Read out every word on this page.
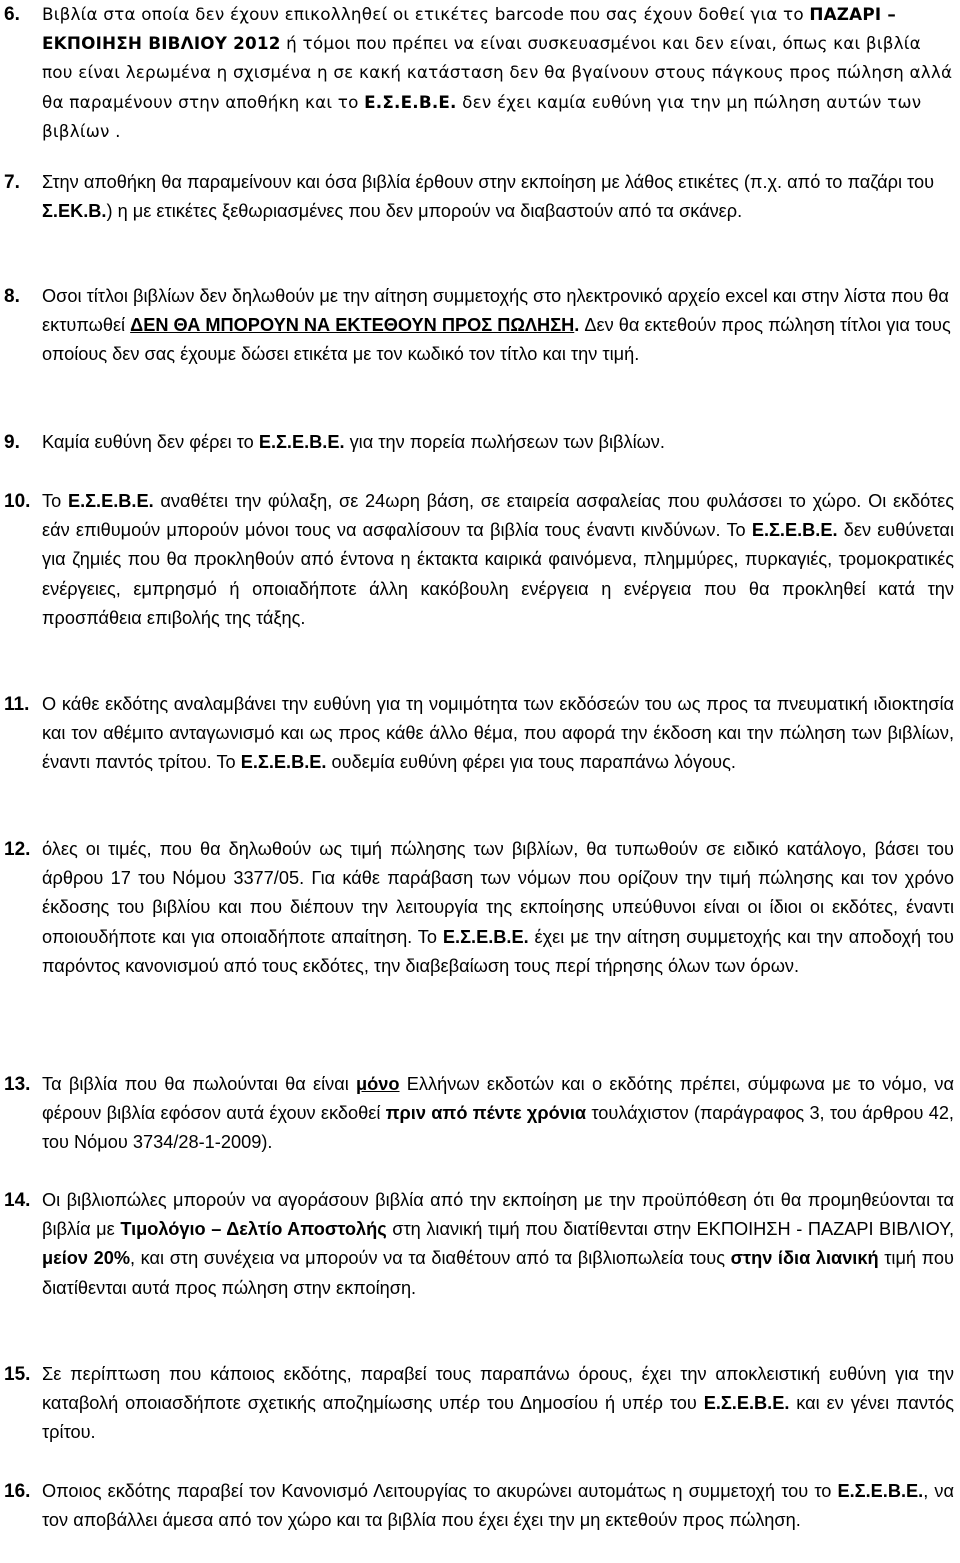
6. Βιβλία στα οποία δεν έχουν επικολληθεί οι ετικέτες barcode που σας έχουν δοθεί για το ΠΑΖΑΡΙ – ΕΚΠΟΙΗΣΗ ΒΙΒΛΙΟΥ 2012 ή τόμοι που πρέπει να είναι συσκευασμένοι και δεν είναι, όπως και βιβλία που είναι λερωμένα η σχισμένα η σε κακή κατάσταση δεν θα βγαίνουν στους πάγκους προς πώληση αλλά θα παραμένουν στην αποθήκη και το Ε.Σ.Ε.Β.Ε. δεν έχει καμία ευθύνη για την μη πώληση αυτών των βιβλίων .
7. Στην αποθήκη θα παραμείνουν και όσα βιβλία έρθουν στην εκποίηση με λάθος ετικέτες (π.χ. από το παζάρι του Σ.ΕΚ.Β.) η με ετικέτες ξεθωριασμένες που δεν μπορούν να διαβαστούν από τα σκάνερ.
8. Οσοι τίτλοι βιβλίων δεν δηλωθούν με την αίτηση συμμετοχής στο ηλεκτρονικό αρχείο excel και στην λίστα που θα εκτυπωθεί ΔΕΝ ΘΑ ΜΠΟΡΟΥΝ ΝΑ ΕΚΤΕΘΟΥΝ ΠΡΟΣ ΠΩΛΗΣΗ. Δεν θα εκτεθούν προς πώληση τίτλοι για τους οποίους δεν σας έχουμε δώσει ετικέτα με τον κωδικό τον τίτλο και την τιμή.
9. Καμία ευθύνη δεν φέρει το Ε.Σ.Ε.Β.Ε. για την πορεία πωλήσεων των βιβλίων.
10. Το Ε.Σ.Ε.Β.Ε. αναθέτει την φύλαξη, σε 24ωρη βάση, σε εταιρεία ασφαλείας που φυλάσσει το χώρο. Οι εκδότες εάν επιθυμούν μπορούν μόνοι τους να ασφαλίσουν τα βιβλία τους έναντι κινδύνων. Το Ε.Σ.Ε.Β.Ε. δεν ευθύνεται για ζημιές που θα προκληθούν από έντονα η έκτακτα καιρικά φαινόμενα, πλημμύρες, πυρκαγιές, τρομοκρατικές ενέργειες, εμπρησμό ή οποιαδήποτε άλλη κακόβουλη ενέργεια η ενέργεια που θα προκληθεί κατά την προσπάθεια επιβολής της τάξης.
11. Ο κάθε εκδότης αναλαμβάνει την ευθύνη για τη νομιμότητα των εκδόσεών του ως προς τα πνευματική ιδιοκτησία και τον αθέμιτο ανταγωνισμό και ως προς κάθε άλλο θέμα, που αφορά την έκδοση και την πώληση των βιβλίων, έναντι παντός τρίτου. Το Ε.Σ.Ε.Β.Ε. ουδεμία ευθύνη φέρει για τους παραπάνω λόγους.
12. όλες οι τιμές, που θα δηλωθούν ως τιμή πώλησης των βιβλίων, θα τυπωθούν σε ειδικό κατάλογο, βάσει του άρθρου 17 του Νόμου 3377/05. Για κάθε παράβαση των νόμων που ορίζουν την τιμή πώλησης και τον χρόνο έκδοσης του βιβλίου και που διέπουν την λειτουργία της εκποίησης υπεύθυνοι είναι οι ίδιοι οι εκδότες, έναντι οποιουδήποτε και για οποιαδήποτε απαίτηση. Το Ε.Σ.Ε.Β.Ε. έχει με την αίτηση συμμετοχής και την αποδοχή του παρόντος κανονισμού από τους εκδότες, την διαβεβαίωση τους περί τήρησης όλων των όρων.
13. Τα βιβλία που θα πωλούνται θα είναι μόνο Ελλήνων εκδοτών και ο εκδότης πρέπει, σύμφωνα με το νόμο, να φέρουν βιβλία εφόσον αυτά έχουν εκδοθεί πριν από πέντε χρόνια τουλάχιστον (παράγραφος 3, του άρθρου 42, του Νόμου 3734/28-1-2009).
14. Οι βιβλιοπώλες μπορούν να αγοράσουν βιβλία από την εκποίηση με την προϋπόθεση ότι θα προμηθεύονται τα βιβλία με Τιμολόγιο – Δελτίο Αποστολής στη λιανική τιμή που διατίθενται στην ΕΚΠΟΙΗΣΗ - ΠΑΖΑΡΙ ΒΙΒΛΙΟΥ, μείον 20%, και στη συνέχεια να μπορούν να τα διαθέτουν από τα βιβλιοπωλεία τους στην ίδια λιανική τιμή που διατίθενται αυτά προς πώληση στην εκποίηση.
15. Σε περίπτωση που κάποιος εκδότης, παραβεί τους παραπάνω όρους, έχει την αποκλειστική ευθύνη για την καταβολή οποιασδήποτε σχετικής αποζημίωσης υπέρ του Δημοσίου ή υπέρ του Ε.Σ.Ε.Β.Ε. και εν γένει παντός τρίτου.
16. Οποιος εκδότης παραβεί τον Κανονισμό Λειτουργίας το ακυρώνει αυτομάτως η συμμετοχή του το Ε.Σ.Ε.Β.Ε., να τον αποβάλλει άμεσα από τον χώρο και τα βιβλία που έχει έχει την μη εκτεθούν προς πώληση.
